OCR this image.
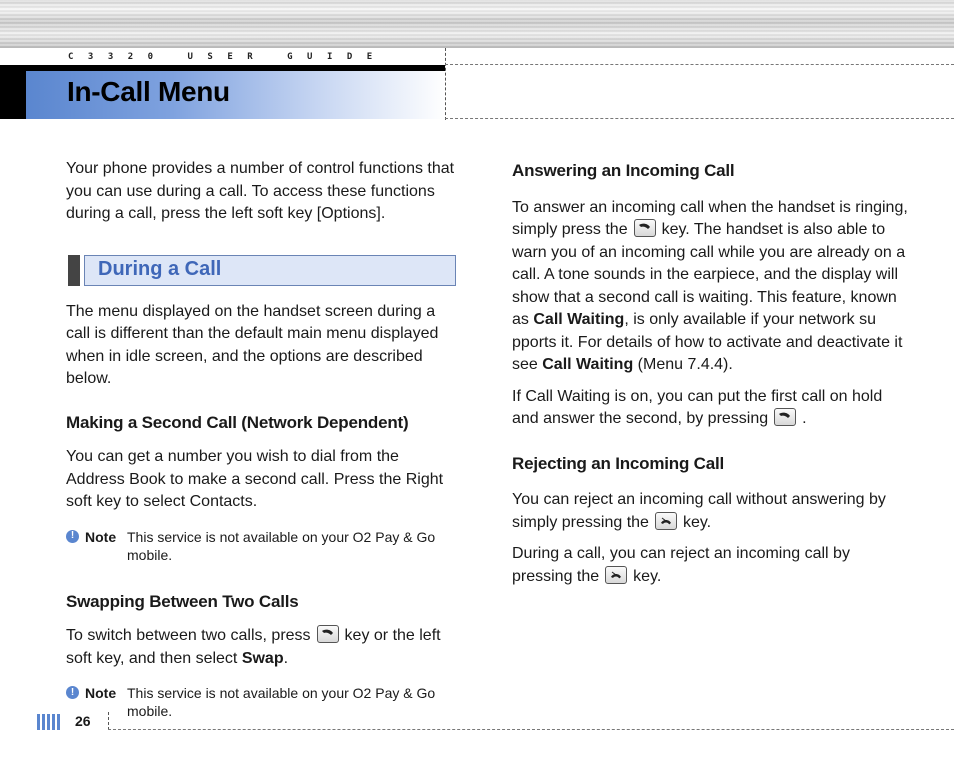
C3320 USER GUIDE
In-Call Menu

Your phone provides a number of control functions that you can use during a call. To access these functions during a call, press the left soft key [Options].

During a Call

The menu displayed on the handset screen during a call is different than the default main menu displayed when in idle screen, and the options are described below.

Making a Second Call (Network Dependent)

You can get a number you wish to dial from the Address Book to make a second call. Press the Right soft key to select Contacts.

! Note This service is not available on your O2 Pay & Go mobile.

Swapping Between Two Calls

To switch between two calls, press key or the left soft key, and then select Swap.

! Note This service is not available on your O2 Pay & Go mobile.

Answering an Incoming Call

To answer an incoming call when the handset is ringing, simply press the key. The handset is also able to warn you of an incoming call while you are already on a call. A tone sounds in the earpiece, and the display will show that a second call is waiting. This feature, known as Call Waiting, is only available if your network su pports it. For details of how to activate and deactivate it see Call Waiting (Menu 7.4.4).

If Call Waiting is on, you can put the first call on hold and answer the second, by pressing .

Rejecting an Incoming Call

You can reject an incoming call without answering by simply pressing the key.

During a call, you can reject an incoming call by pressing the key.

26
